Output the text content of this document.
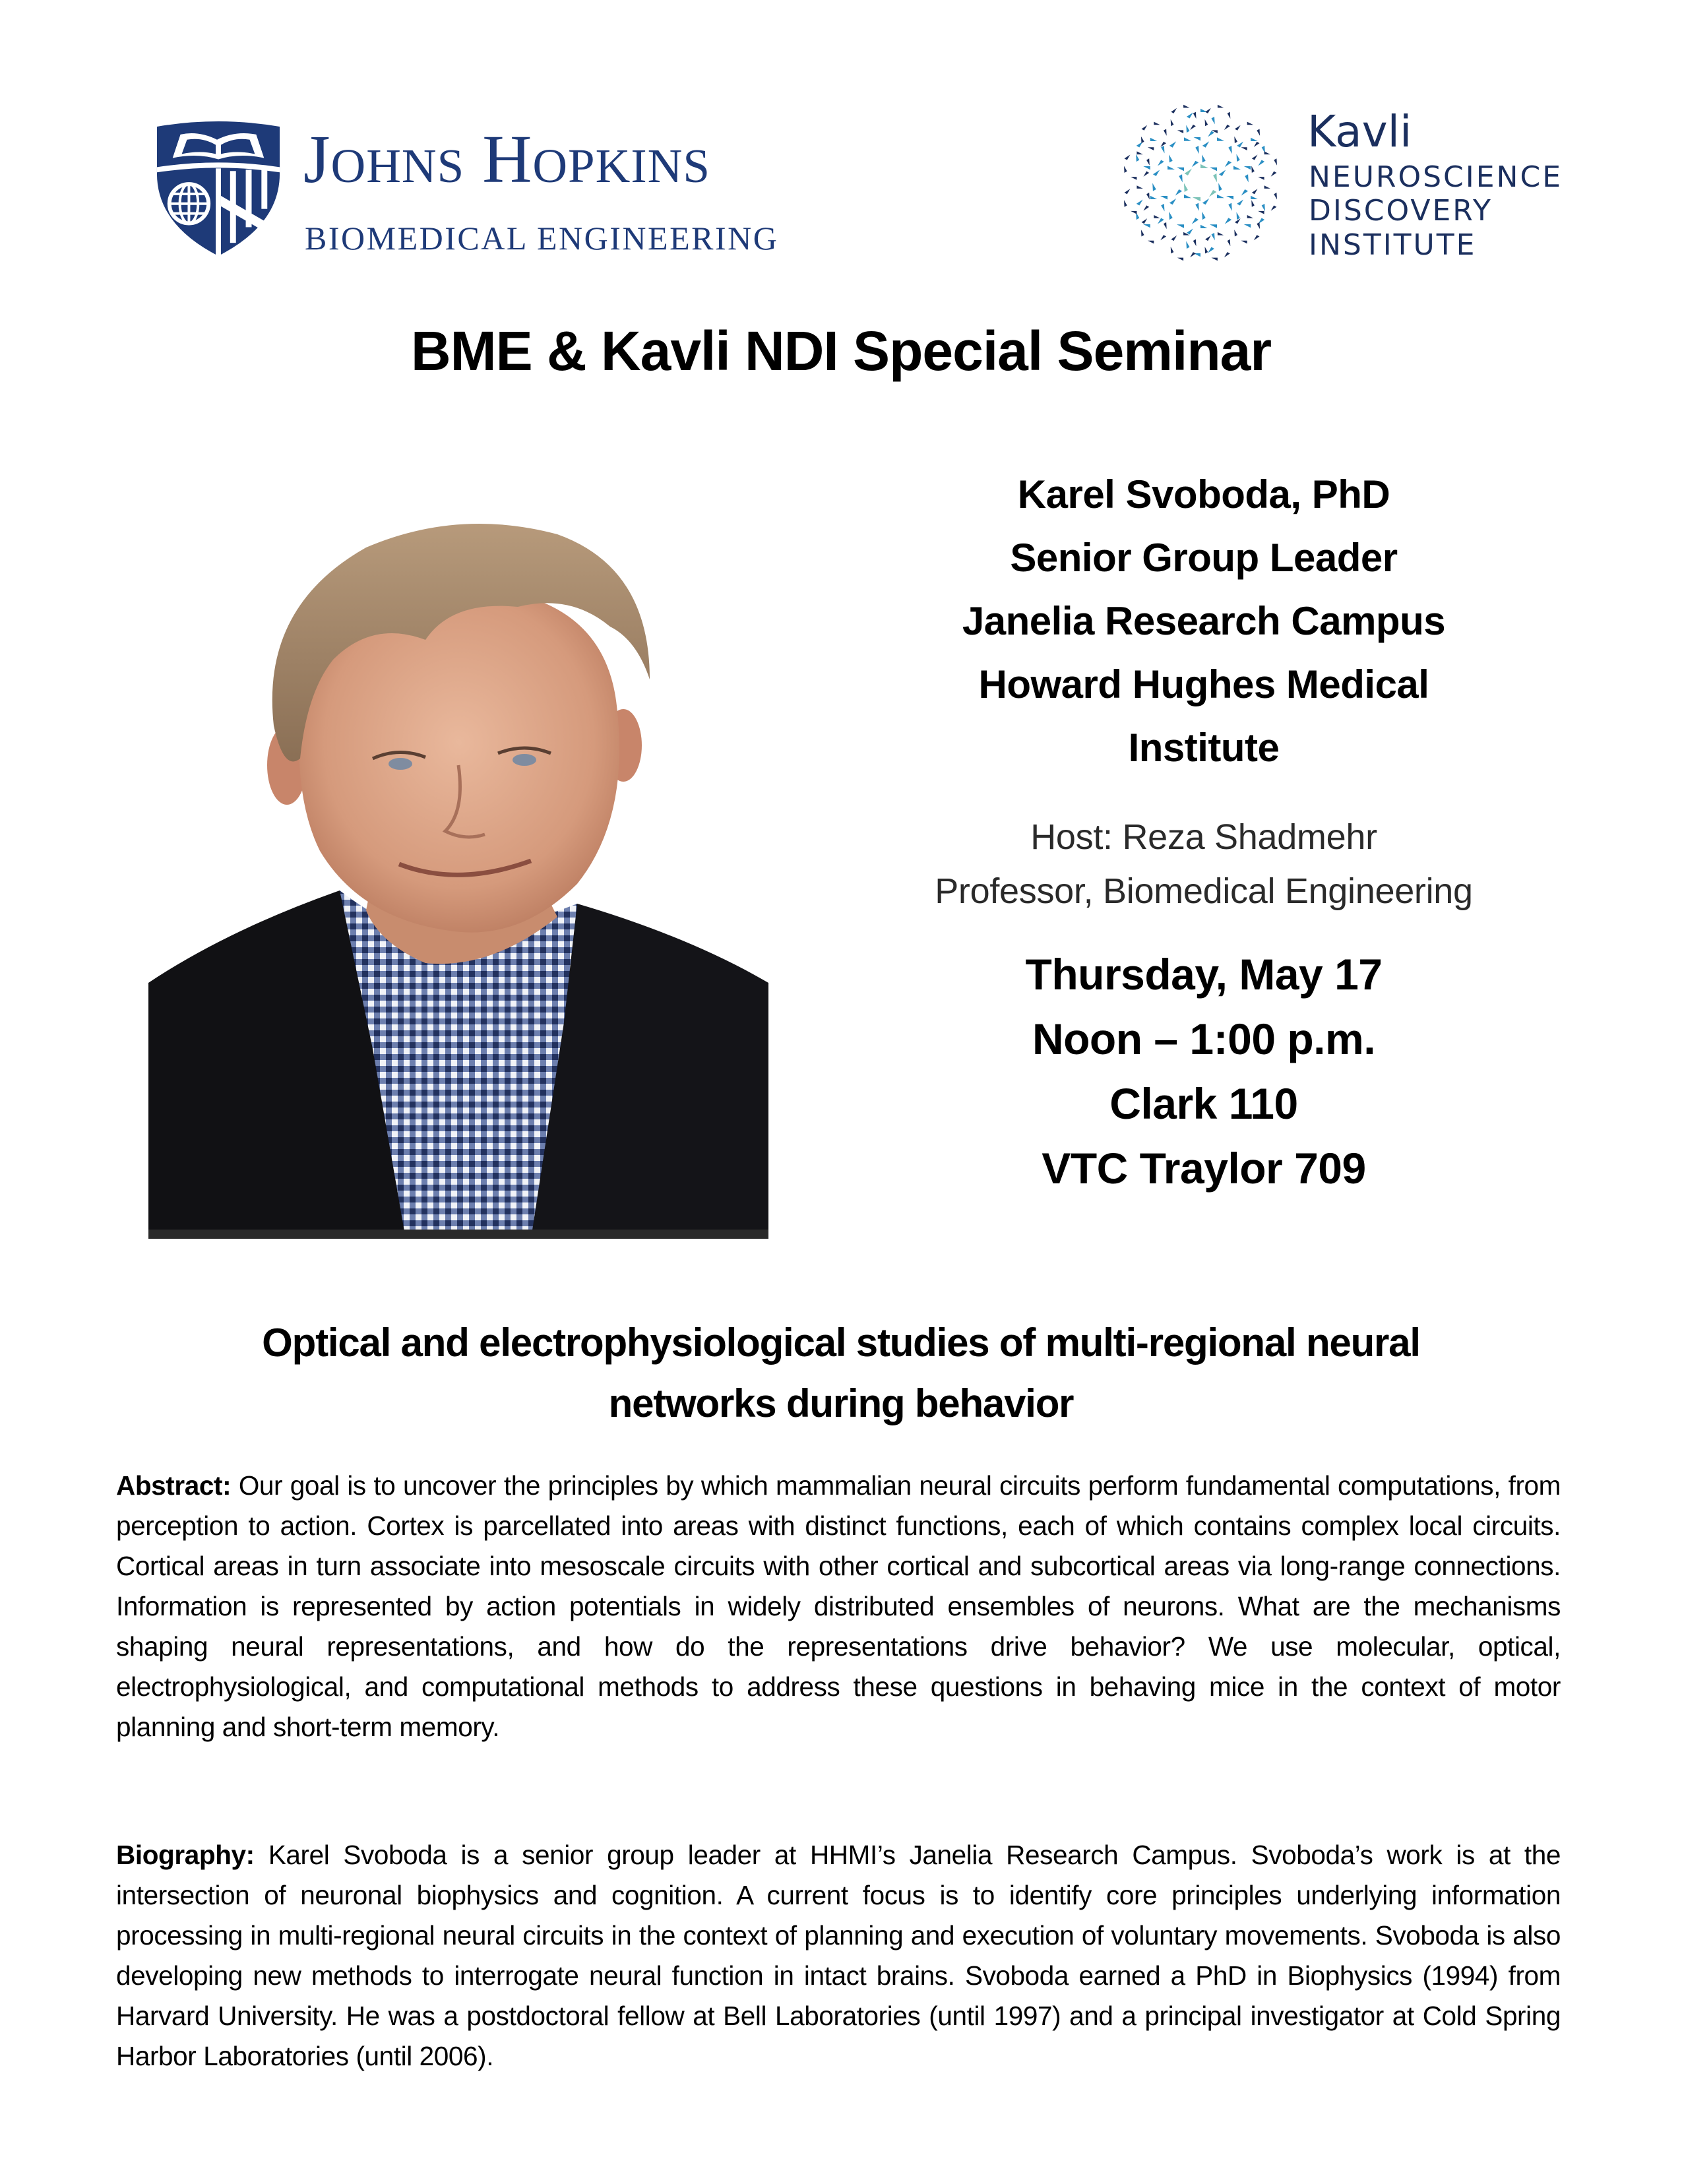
Johns Hopkins
BIOMEDICAL ENGINEERING
Kavli
NEUROSCIENCE
DISCOVERY
INSTITUTE
BME & Kavli NDI Special Seminar
Karel Svoboda, PhD
Senior Group Leader
Janelia Research Campus
Howard Hughes Medical
Institute
Host: Reza Shadmehr
Professor, Biomedical Engineering
Thursday, May 17
Noon – 1:00 p.m.
Clark 110
VTC Traylor 709
Optical and electrophysiological studies of multi-regional neural
networks during behavior

Abstract: Our goal is to uncover the principles by which mammalian neural circuits perform fundamental computations, from perception to action. Cortex is parcellated into areas with distinct functions, each of which contains complex local circuits. Cortical areas in turn associate into mesoscale circuits with other cortical and subcortical areas via long-range connections. Information is represented by action potentials in widely distributed ensembles of neurons. What are the mechanisms shaping neural representations, and how do the representations drive behavior? We use molecular, optical, electrophysiological, and computational methods to address these questions in behaving mice in the context of motor planning and short-term memory.

Biography: Karel Svoboda is a senior group leader at HHMI’s Janelia Research Campus. Svoboda’s work is at the intersection of neuronal biophysics and cognition. A current focus is to identify core principles underlying information processing in multi-regional neural circuits in the context of planning and execution of voluntary movements. Svoboda is also developing new methods to interrogate neural function in intact brains. Svoboda earned a PhD in Biophysics (1994) from Harvard University. He was a postdoctoral fellow at Bell Laboratories (until 1997) and a principal investigator at Cold Spring Harbor Laboratories (until 2006).
